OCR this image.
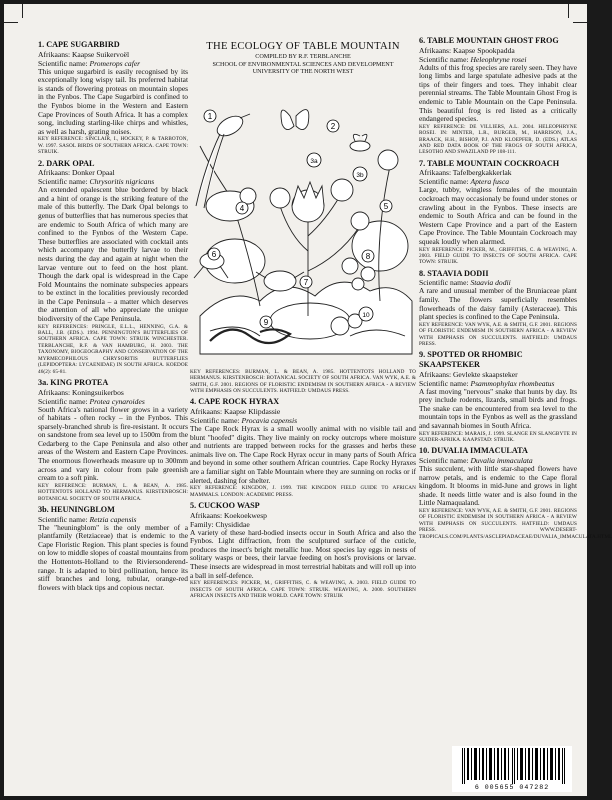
1. CAPE SUGARBIRD
Afrikaans: Kaapse Suikervoël
Scientific name: Promerops cafer
This unique sugarbird is easily recognised by its exceptionally long wispy tail. Its preferred habitat is stands of flowering proteas on mountain slopes in the Fynbos. The Cape Sugarbird is confined to the Fynbos biome in the Western and Eastern Cape Provinces of South Africa. It has a complex song, including starling-like chirps and whistles, as well as harsh, grating noises.
KEY REFERENCE: SINCLAIR, I., HOCKEY, P. & TARBOTON, W. 1997. SASOL BIRDS OF SOUTHERN AFRICA. CAPE TOWN: STRUIK.
2. DARK OPAL
Afrikaans: Donker Opaal
Scientific name: Chrysoritis nigricans
An extended opalescent blue bordered by black and a hint of orange is the striking feature of the male of this butterfly. The Dark Opal belongs to genus of butterflies that has numerous species that are endemic to South Africa of which many are confined to the Fynbos of the Western Cape. These butterflies are associated with cocktail ants which accompany the butterfly larvae to their nests during the day and again at night when the larvae venture out to feed on the host plant. Though the dark opal is widespread in the Cape Fold Mountains the nominate subspecies appears to be extinct in the localities previously recorded in the Cape Peninsula – a matter which deserves the attention of all who appreciate the unique biodiversity of the Cape Peninsula.
KEY REFERENCES: PRINGLE, E.L.L., HENNING, G.A. & BALL, J.B. (EDS.). 1994. PENNINGTON'S BUTTERFLIES OF SOUTHERN AFRICA. CAPE TOWN: STRUIK WINCHESTER. TERBLANCHE, R.F. & VAN HAMBURG, H. 2003. THE TAXONOMY, BIOGEOGRAPHY AND CONSERVATION OF THE MYRMECOPHILOUS CHRYSORITIS BUTTERFLIES (LEPIDOPTERA: LYCAENIDAE) IN SOUTH AFRICA. KOEDOE 46(2): 65-81.
3a. KING PROTEA
Afrikaans: Koningsuikerbos
Scientific name: Protea cynaroides
South Africa's national flower grows in a variety of habitats - often rocky – in the Fynbos. This sparsely-branched shrub is fire-resistant. It occurs on sandstone from sea level up to 1500m from the Cedarberg to the Cape Peninsula and also other areas of the Western and Eastern Cape Provinces. The enormous flowerheads measure up to 300mm across and vary in colour from pale greenish cream to a soft pink.
KEY REFERENCE: BURMAN, L. & BEAN, A. 1985. HOTTENTOTS HOLLAND TO HERMANUS. KIRSTENBOSCH: BOTANICAL SOCIETY OF SOUTH AFRICA.
3b. HEUNINGBLOM
Scientific name: Retzia capensis
The "heuningblom" is the only member of a plantfamily (Retziaceae) that is endemic to the Cape Floristic Region. This plant species is found on low to middle slopes of coastal mountains from the Hottentots-Holland to the Riviersonderend-range. It is adapted to bird pollination, hence its stiff branches and long, tubular, orange-red flowers with black tips and copious nectar.
THE ECOLOGY OF TABLE MOUNTAIN
COMPILED BY R.F. TERBLANCHE
SCHOOL OF ENVIRONMENTAL SCIENCES AND DEVELOPMENT
UNIVERSITY OF THE NORTH WEST
1
2
3a
3b
4	5
6
7
8
9
10
KEY REFERENCES: BURMAN, L. & BEAN, A. 1985. HOTTENTOTS HOLLAND TO HERMANUS. KIRSTENBOSCH: BOTANICAL SOCIETY OF SOUTH AFRICA. VAN WYK, A.E. & SMITH, G.F. 2001. REGIONS OF FLORISTIC ENDEMISM IN SOUTHERN AFRICA - A REVIEW WITH EMPHASIS ON SUCCULENTS. HATFIELD: UMDAUS PRESS.
4. CAPE ROCK HYRAX
Afrikaans: Kaapse Klipdassie
Scientific name: Procavia capensis
The Cape Rock Hyrax is a small woolly animal with no visible tail and blunt "hoofed" digits. They live mainly on rocky outcrops where moisture and nutrients are trapped between rocks for the grasses and herbs these animals live on. The Cape Rock Hyrax occur in many parts of South Africa and beyond in some other southern African countries. Cape Rocky Hyraxes are a familiar sight on Table Mountain where they are sunning on rocks or if alerted, dashing for shelter.
KEY REFERENCE: KINGDON, J. 1999. THE KINGDON FIELD GUIDE TO AFRICAN MAMMALS. LONDON: ACADEMIC PRESS.
5. CUCKOO WASP
Afrikaans: Koekoekwesp
Family: Chysididae
A variety of these hard-bodied insects occur in South Africa and also the Fynbos. Light diffraction, from the sculptured surface of the cuticle, produces the insect's bright metallic hue. Most species lay eggs in nests of solitary wasps or bees, their larvae feeding on host's provisions or larvae. These insects are widespread in most terrestrial habitats and will roll up into a ball in self-defence.
KEY REFERENCES: PICKER, M., GRIFFITHS, C. & WEAVING, A. 2003. FIELD GUIDE TO INSECTS OF SOUTH AFRICA. CAPE TOWN: STRUIK. WEAVING, A. 2000. SOUTHERN AFRICAN INSECTS AND THEIR WORLD. CAPE TOWN: STRUIK
6. TABLE MOUNTAIN GHOST FROG
Afrikaans: Kaapse Spookpadda
Scientific name: Heleophryne rosei
Adults of this frog species are rarely seen. They have long limbs and large spatulate adhesive pads at the tips of their fingers and toes. They inhabit clear perennial streams. The Table Mountain Ghost Frog is endemic to Table Mountain on the Cape Peninsula. This beautiful frog is red listed as a critically endangered species.
KEY REFERENCE: DE VILLIERS, A.L. 2004. HELEOPHRYNE ROSEI. IN: MINTER, L.R., BURGER, M., HARRISON, J.A., BRAACK, H.H., BISHOP, P.J. AND KLOEPFER, D. (EDS.) ATLAS AND RED DATA BOOK OF THE FROGS OF SOUTH AFRICA, LESOTHO AND SWAZILAND PP 108-111.
7. TABLE MOUNTAIN COCKROACH
Afrikaans: Tafelbergkakkerlak
Scientific name: Aptera fusca
Large, tubby, wingless females of the mountain cockroach may occasionaly be found under stones or crawling about in the Fynbos. These insects are endemic to South Africa and can be found in the Western Cape Province and a part of the Eastern Cape Province. The Table Mountain Cockroach may squeak loudly when alarmed.
KEY REFERENCE: PICKER, M., GRIFFITHS, C. & WEAVING, A. 2003. FIELD GUIDE TO INSECTS OF SOUTH AFRICA. CAPE TOWN: STRUIK.
8. STAAVIA DODII
Scientific name: Staavia dodii
A rare and unusual member of the Bruniaceae plant family. The flowers superficially resembles flowerheads of the daisy family (Asteraceae). This plant species is confined to the Cape Peninsula.
KEY REFERENCE: VAN WYK, A.E. & SMITH, G.F. 2001. REGIONS OF FLORISTIC ENDEMISM IN SOUTHERN AFRICA - A REVIEW WITH EMPHASIS ON SUCCULENTS. HATFIELD: UMDAUS PRESS.
9. SPOTTED OR RHOMBIC SKAAPSTEKER
Afrikaans: Gevlekte skaapsteker
Scientific name: Psammophylax rhombeatus
A fast moving "nervous" snake that hunts by day. Its prey include rodents, lizards, small birds and frogs. The snake can be encountered from sea level to the mountain tops in the Fynbos as well as the grassland and savannah biomes in South Africa.
KEY REFERENCE: MARAIS, J. 1999. SLANGE EN SLANGBYTE IN SUIDER-AFRIKA. KAAPSTAD: STRUIK.
10. DUVALIA IMMACULATA
Scientific name: Duvalia immaculata
This succulent, with little star-shaped flowers have narrow petals, and is endemic to the Cape floral kingdom. It blooms in mid-June and grows in light shade. It needs little water and is also found in the Little Namaqualand.
KEY REFERENCE: VAN WYK, A.E. & SMITH, G.F. 2001. REGIONS OF FLORISTIC ENDEMISM IN SOUTHERN AFRICA - A REVIEW WITH EMPHASIS ON SUCCULENTS. HATFIELD: UMDAUS PRESS. WWW.DESERT-TROPICALS.COM/PLANTS/ASCLEPIADACEAE/DUVALIA_IMMACULATA.HTML
6 005655 047282
